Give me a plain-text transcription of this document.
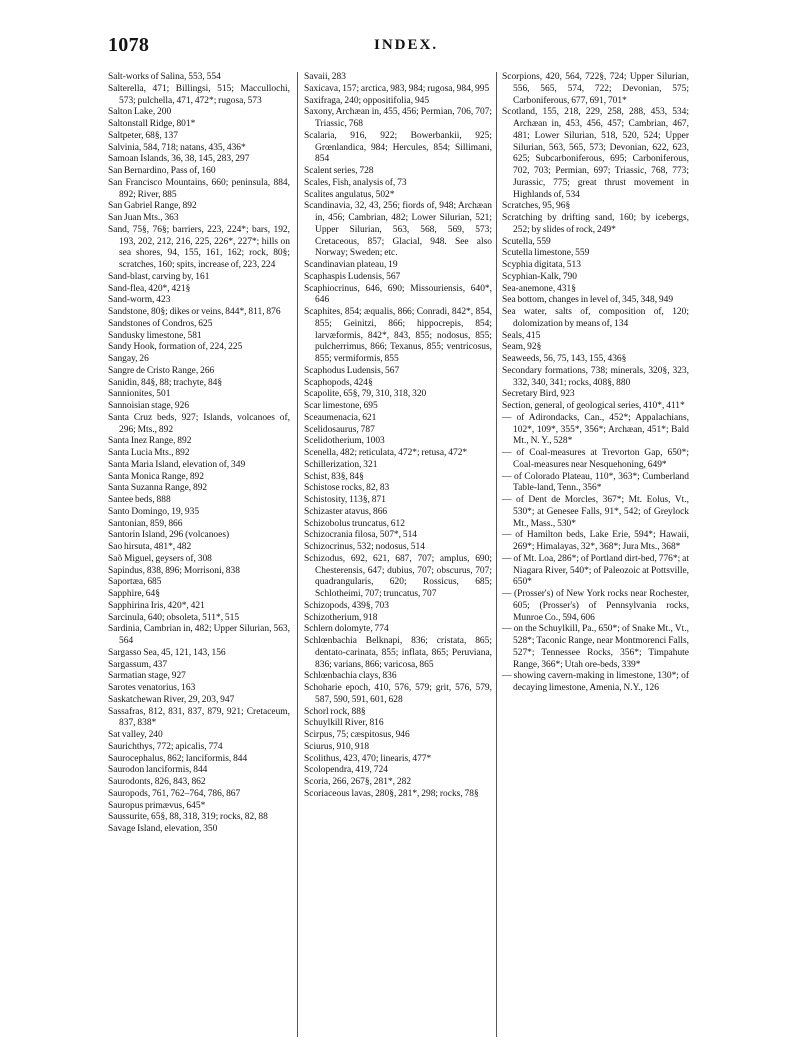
1078	INDEX.
Salt-works of Salina, 553, 554
Salterella, 471; Billingsi, 515; Maccullochi, 573; pulchella, 471, 472*; rugosa, 573
Salton Lake, 200
Saltonstall Ridge, 801*
Saltpeter, 68§, 137
Salvinia, 584, 718; natans, 435, 436*
Samoan Islands, 36, 38, 145, 283, 297
San Bernardino, Pass of, 160
San Francisco Mountains, 660; peninsula, 884, 892; River, 885
San Gabriel Range, 892
San Juan Mts., 363
Sand, 75§, 76§; barriers, 223, 224*; bars, 192, 193, 202, 212, 216, 225, 226*, 227*; hills on sea shores, 94, 155, 161, 162; rock, 80§; scratches, 160; spits, increase of, 223, 224
Sand-blast, carving by, 161
Sand-flea, 420*, 421§
Sand-worm, 423
Sandstone, 80§; dikes or veins, 844*, 811, 876
Sandstones of Condros, 625
Sandusky limestone, 581
Sandy Hook, formation of, 224, 225
Sangay, 26
Sangre de Cristo Range, 266
Sanidin, 84§, 88; trachyte, 84§
Sannionites, 501
Sannoisian stage, 926
Santa Cruz beds, 927; Islands, volcanoes of, 296; Mts., 892
Santa Inez Range, 892
Santa Lucia Mts., 892
Santa Maria Island, elevation of, 349
Santa Monica Range, 892
Santa Suzanna Range, 892
Santee beds, 888
Santo Domingo, 19, 935
Santonian, 859, 866
Santorin Island, 296 (volcanoes)
Sao hirsuta, 481*, 482
Saõ Miguel, geysers of, 308
Sapindus, 838, 896; Morrisoni, 838
Saportæa, 685
Sapphire, 64§
Sapphirina Iris, 420*, 421
Sarcinula, 640; obsoleta, 511*, 515
Sardinia, Cambrian in, 482; Upper Silurian, 563, 564
Sargasso Sea, 45, 121, 143, 156
Sargassum, 437
Sarmatian stage, 927
Sarotes venatorius, 163
Saskatchewan River, 29, 203, 947
Sassafras, 812, 831, 837, 879, 921; Cretaceum, 837, 838*
Sat valley, 240
Saurichthys, 772; apicalis, 774
Saurocephalus, 862; lanciformis, 844
Saurodon lanciformis, 844
Saurodonts, 826, 843, 862
Sauropods, 761, 762–764, 786, 867
Sauropus primævus, 645*
Saussurite, 65§, 88, 318, 319; rocks, 82, 88
Savage Island, elevation, 350
Savaii, 283
Saxicava, 157; arctica, 983, 984; rugosa, 984, 995
Saxifraga, 240; oppositifolia, 945
Saxony, Archæan in, 455, 456; Permian, 706, 707; Triassic, 768
Scalaria, 916, 922; Bowerbankii, 925; Grœnlandica, 984; Hercules, 854; Sillimani, 854
Scalent series, 728
Scales, Fish, analysis of, 73
Scalites angulatus, 502*
Scandinavia, 32, 43, 256; fiords of, 948; Archæan in, 456; Cambrian, 482; Lower Silurian, 521; Upper Silurian, 563, 568, 569, 573; Cretaceous, 857; Glacial, 948. See also Norway; Sweden; etc.
Scandinavian plateau, 19
Scaphaspis Ludensis, 567
Scaphiocrinus, 646, 690; Missouriensis, 640*, 646
Scaphites, 854; æqualis, 866; Conradi, 842*, 854, 855; Geinitzi, 866; hippocrepis, 854; larvæformis, 842*, 843, 855; nodosus, 855; pulcherrimus, 866; Texanus, 855; ventricosus, 855; vermiformis, 855
Scaphodus Ludensis, 567
Scaphopods, 424§
Scapolite, 65§, 79, 310, 318, 320
Scar limestone, 695
Sceaumenacia, 621
Scelidosaurus, 787
Scelidotherium, 1003
Scenella, 482; reticulata, 472*; retusa, 472*
Schillerization, 321
Schist, 83§, 84§
Schistose rocks, 82, 83
Schistosity, 113§, 871
Schizaster atavus, 866
Schizobolus truncatus, 612
Schizocrania filosa, 507*, 514
Schizocrinus, 532; nodosus, 514
Schizodus, 692, 621, 687, 707; amplus, 690; Chesterensis, 647; dubius, 707; obscurus, 707; quadrangularis, 620; Rossicus, 685; Schlotheimi, 707; truncatus, 707
Schizopods, 439§, 703
Schizotherium, 918
Schlern dolomyte, 774
Schlœnbachia Belknapi, 836; cristata, 865; dentato-carinata, 855; inflata, 865; Peruviana, 836; varians, 866; varicosa, 865
Schlœnbachia clays, 836
Schoharie epoch, 410, 576, 579; grit, 576, 579, 587, 590, 591, 601, 628
Schorl rock, 88§
Schuylkill River, 816
Scirpus, 75; cæspitosus, 946
Sciurus, 910, 918
Scolithus, 423, 470; linearis, 477*
Scolopendra, 419, 724
Scoria, 266, 267§, 281*, 282
Scoriaceous lavas, 280§, 281*, 298; rocks, 78§
Scorpions, 420, 564, 722§, 724; Upper Silurian, 556, 565, 574, 722; Devonian, 575; Carboniferous, 677, 691, 701*
Scotland, 155, 218, 229, 258, 288, 453, 534; Archæan in, 453, 456, 457; Cambrian, 467, 481; Lower Silurian, 518, 520, 524; Upper Silurian, 563, 565, 573; Devonian, 622, 623, 625; Subcarboniferous, 695; Carboniferous, 702, 703; Permian, 697; Triassic, 768, 773; Jurassic, 775; great thrust movement in Highlands of, 534
Scratches, 95, 96§
Scratching by drifting sand, 160; by icebergs, 252; by slides of rock, 249*
Scutella, 559
Scutella limestone, 559
Scyphia digitata, 513
Scyphian-Kalk, 790
Sea-anemone, 431§
Sea bottom, changes in level of, 345, 348, 949
Sea water, salts of, composition of, 120; dolomization by means of, 134
Seals, 415
Seam, 92§
Seaweeds, 56, 75, 143, 155, 436§
Secondary formations, 738; minerals, 320§, 323, 332, 340, 341; rocks, 408§, 880
Secretary Bird, 923
Section, general, of geological series, 410*, 411*
— of Adirondacks, Can., 452*; Appalachians, 102*, 109*, 355*, 356*; Archæan, 451*; Bald Mt., N. Y., 528*
— of Coal-measures at Trevorton Gap, 650*; Coal-measures near Nesquehoning, 649*
— of Colorado Plateau, 110*, 363*; Cumberland Table-land, Tenn., 356*
— of Dent de Morcles, 367*; Mt. Eolus, Vt., 530*; at Genesee Falls, 91*, 542; of Greylock Mt., Mass., 530*
— of Hamilton beds, Lake Erie, 594*; Hawaii, 269*; Himalayas, 32*, 368*; Jura Mts., 368*
— of Mt. Loa, 286*; of Portland dirt-bed, 776*; at Niagara River, 540*; of Paleozoic at Pottsville, 650*
— (Prosser's) of New York rocks near Rochester, 605; (Prosser's) of Pennsylvania rocks, Munroe Co., 594, 606
— on the Schuylkill, Pa., 650*; of Snake Mt., Vt., 528*; Taconic Range, near Montmorenci Falls, 527*; Tennessee Rocks, 356*; Timpahute Range, 366*; Utah ore-beds, 339*
— showing cavern-making in limestone, 130*; of decaying limestone, Amenia, N.Y., 126
